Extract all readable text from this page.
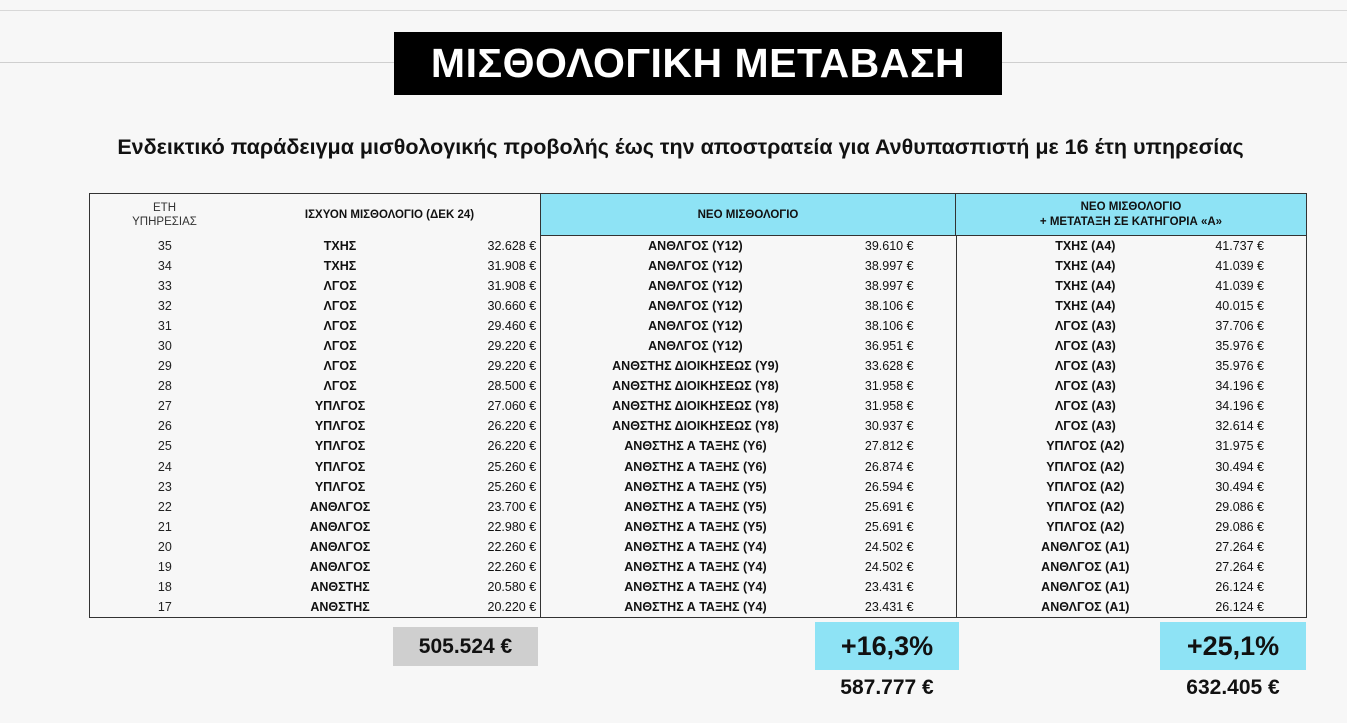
ΜΙΣΘΟΛΟΓΙΚΗ ΜΕΤΑΒΑΣΗ
Ενδεικτικό παράδειγμα μισθολογικής προβολής έως την αποστρατεία για Ανθυπασπιστή με 16 έτη υπηρεσίας
ΕΤΗ
ΥΠΗΡΕΣΙΑΣ
ΙΣΧΥΟΝ ΜΙΣΘΟΛΟΓΙΟ (ΔΕΚ 24)	ΝΕΟ ΜΙΣΘΟΛΟΓΙΟ
ΝΕΟ ΜΙΣΘΟΛΟΓΙΟ
+ ΜΕΤΑΤΑΞΗ ΣΕ ΚΑΤΗΓΟΡΙΑ «Α»
35	ΤΧΗΣ	32.628 €	ΑΝΘΛΓΟΣ (Υ12)	39.610 €	ΤΧΗΣ (Α4)	41.737 €
34	ΤΧΗΣ	31.908 €	ΑΝΘΛΓΟΣ (Υ12)	38.997 €	ΤΧΗΣ (Α4)	41.039 €
33	ΛΓΟΣ	31.908 €	ΑΝΘΛΓΟΣ (Υ12)	38.997 €	ΤΧΗΣ (Α4)	41.039 €
32	ΛΓΟΣ	30.660 €	ΑΝΘΛΓΟΣ (Υ12)	38.106 €	ΤΧΗΣ (Α4)	40.015 €
31	ΛΓΟΣ	29.460 €	ΑΝΘΛΓΟΣ (Υ12)	38.106 €	ΛΓΟΣ (Α3)	37.706 €
30	ΛΓΟΣ	29.220 €	ΑΝΘΛΓΟΣ (Υ12)	36.951 €	ΛΓΟΣ (Α3)	35.976 €
29	ΛΓΟΣ	29.220 €	ΑΝΘΣΤΗΣ ΔΙΟΙΚΗΣΕΩΣ (Υ9)	33.628 €	ΛΓΟΣ (Α3)	35.976 €
28	ΛΓΟΣ	28.500 €	ΑΝΘΣΤΗΣ ΔΙΟΙΚΗΣΕΩΣ (Υ8)	31.958 €	ΛΓΟΣ (Α3)	34.196 €
27	ΥΠΛΓΟΣ	27.060 €	ΑΝΘΣΤΗΣ ΔΙΟΙΚΗΣΕΩΣ (Υ8)	31.958 €	ΛΓΟΣ (Α3)	34.196 €
26	ΥΠΛΓΟΣ	26.220 €	ΑΝΘΣΤΗΣ ΔΙΟΙΚΗΣΕΩΣ (Υ8)	30.937 €	ΛΓΟΣ (Α3)	32.614 €
25	ΥΠΛΓΟΣ	26.220 €	ΑΝΘΣΤΗΣ Α ΤΑΞΗΣ (Υ6)	27.812 €	ΥΠΛΓΟΣ (Α2)	31.975 €
24	ΥΠΛΓΟΣ	25.260 €	ΑΝΘΣΤΗΣ Α ΤΑΞΗΣ (Υ6)	26.874 €	ΥΠΛΓΟΣ (Α2)	30.494 €
23	ΥΠΛΓΟΣ	25.260 €	ΑΝΘΣΤΗΣ Α ΤΑΞΗΣ (Υ5)	26.594 €	ΥΠΛΓΟΣ (Α2)	30.494 €
22	ΑΝΘΛΓΟΣ	23.700 €	ΑΝΘΣΤΗΣ Α ΤΑΞΗΣ (Υ5)	25.691 €	ΥΠΛΓΟΣ (Α2)	29.086 €
21	ΑΝΘΛΓΟΣ	22.980 €	ΑΝΘΣΤΗΣ Α ΤΑΞΗΣ (Υ5)	25.691 €	ΥΠΛΓΟΣ (Α2)	29.086 €
20	ΑΝΘΛΓΟΣ	22.260 €	ΑΝΘΣΤΗΣ Α ΤΑΞΗΣ (Υ4)	24.502 €	ΑΝΘΛΓΟΣ (Α1)	27.264 €
19	ΑΝΘΛΓΟΣ	22.260 €	ΑΝΘΣΤΗΣ Α ΤΑΞΗΣ (Υ4)	24.502 €	ΑΝΘΛΓΟΣ (Α1)	27.264 €
18	ΑΝΘΣΤΗΣ	20.580 €	ΑΝΘΣΤΗΣ Α ΤΑΞΗΣ (Υ4)	23.431 €	ΑΝΘΛΓΟΣ (Α1)	26.124 €
17	ΑΝΘΣΤΗΣ	20.220 €	ΑΝΘΣΤΗΣ Α ΤΑΞΗΣ (Υ4)	23.431 €	ΑΝΘΛΓΟΣ (Α1)	26.124 €
505.524 €	+16,3%	+25,1%
587.777 €	632.405 €
